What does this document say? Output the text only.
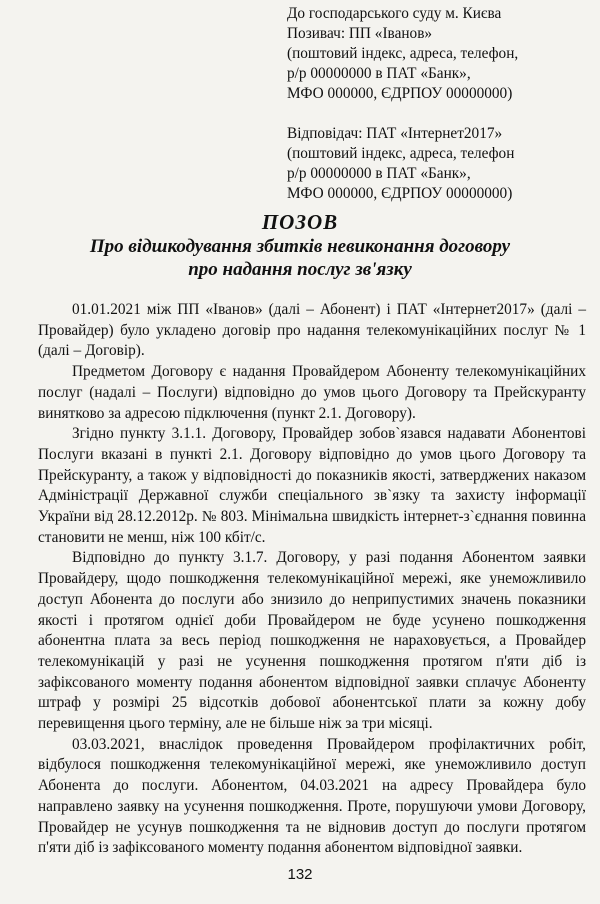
До господарського суду м. Києва
Позивач: ПП «Іванов»
(поштовий індекс, адреса, телефон,
р/р 00000000 в ПАТ «Банк»,
МФО 000000, ЄДРПОУ 00000000)
Відповідач: ПАТ «Інтернет2017»
(поштовий індекс, адреса, телефон
р/р 00000000 в ПАТ «Банк»,
МФО 000000, ЄДРПОУ 00000000)
ПОЗОВ
Про відшкодування збитків невиконання договору
про надання послуг зв'язку

01.01.2021 між ПП «Іванов» (далі – Абонент) і ПАТ «Інтернет2017» (далі – Провайдер) було укладено договір про надання телекомунікаційних послуг № 1 (далі – Договір).

Предметом Договору є надання Провайдером Абоненту телекомунікаційних послуг (надалі – Послуги) відповідно до умов цього Договору та Прейскуранту винятково за адресою підключення (пункт 2.1. Договору).

Згідно пункту 3.1.1. Договору, Провайдер зобов`язався надавати Абонентові Послуги вказані в пункті 2.1. Договору відповідно до умов цього Договору та Прейскуранту, а також у відповідності до показників якості, затверджених наказом Адміністрації Державної служби спеціального зв`язку та захисту інформації України від 28.12.2012р. № 803. Мінімальна швидкість інтернет-з`єднання повинна становити не менш, ніж 100 кбіт/с.

Відповідно до пункту 3.1.7. Договору, у разі подання Абонентом заявки Провайдеру, щодо пошкодження телекомунікаційної мережі, яке унеможливило доступ Абонента до послуги або знизило до неприпустимих значень показники якості і протягом однієї доби Провайдером не буде усунено пошкодження абонентна плата за весь період пошкодження не нараховується, а Провайдер телекомунікацій у разі не усунення пошкодження протягом п'яти діб із зафіксованого моменту подання абонентом відповідної заявки сплачує Абоненту штраф у розмірі 25 відсотків добової абонентської плати за кожну добу перевищення цього терміну, але не більше ніж за три місяці.

03.03.2021, внаслідок проведення Провайдером профілактичних робіт, відбулося пошкодження телекомунікаційної мережі, яке унеможливило доступ Абонента до послуги. Абонентом, 04.03.2021 на адресу Провайдера було направлено заявку на усунення пошкодження. Проте, порушуючи умови Договору, Провайдер не усунув пошкодження та не відновив доступ до послуги протягом п'яти діб із зафіксованого моменту подання абонентом відповідної заявки.

132
